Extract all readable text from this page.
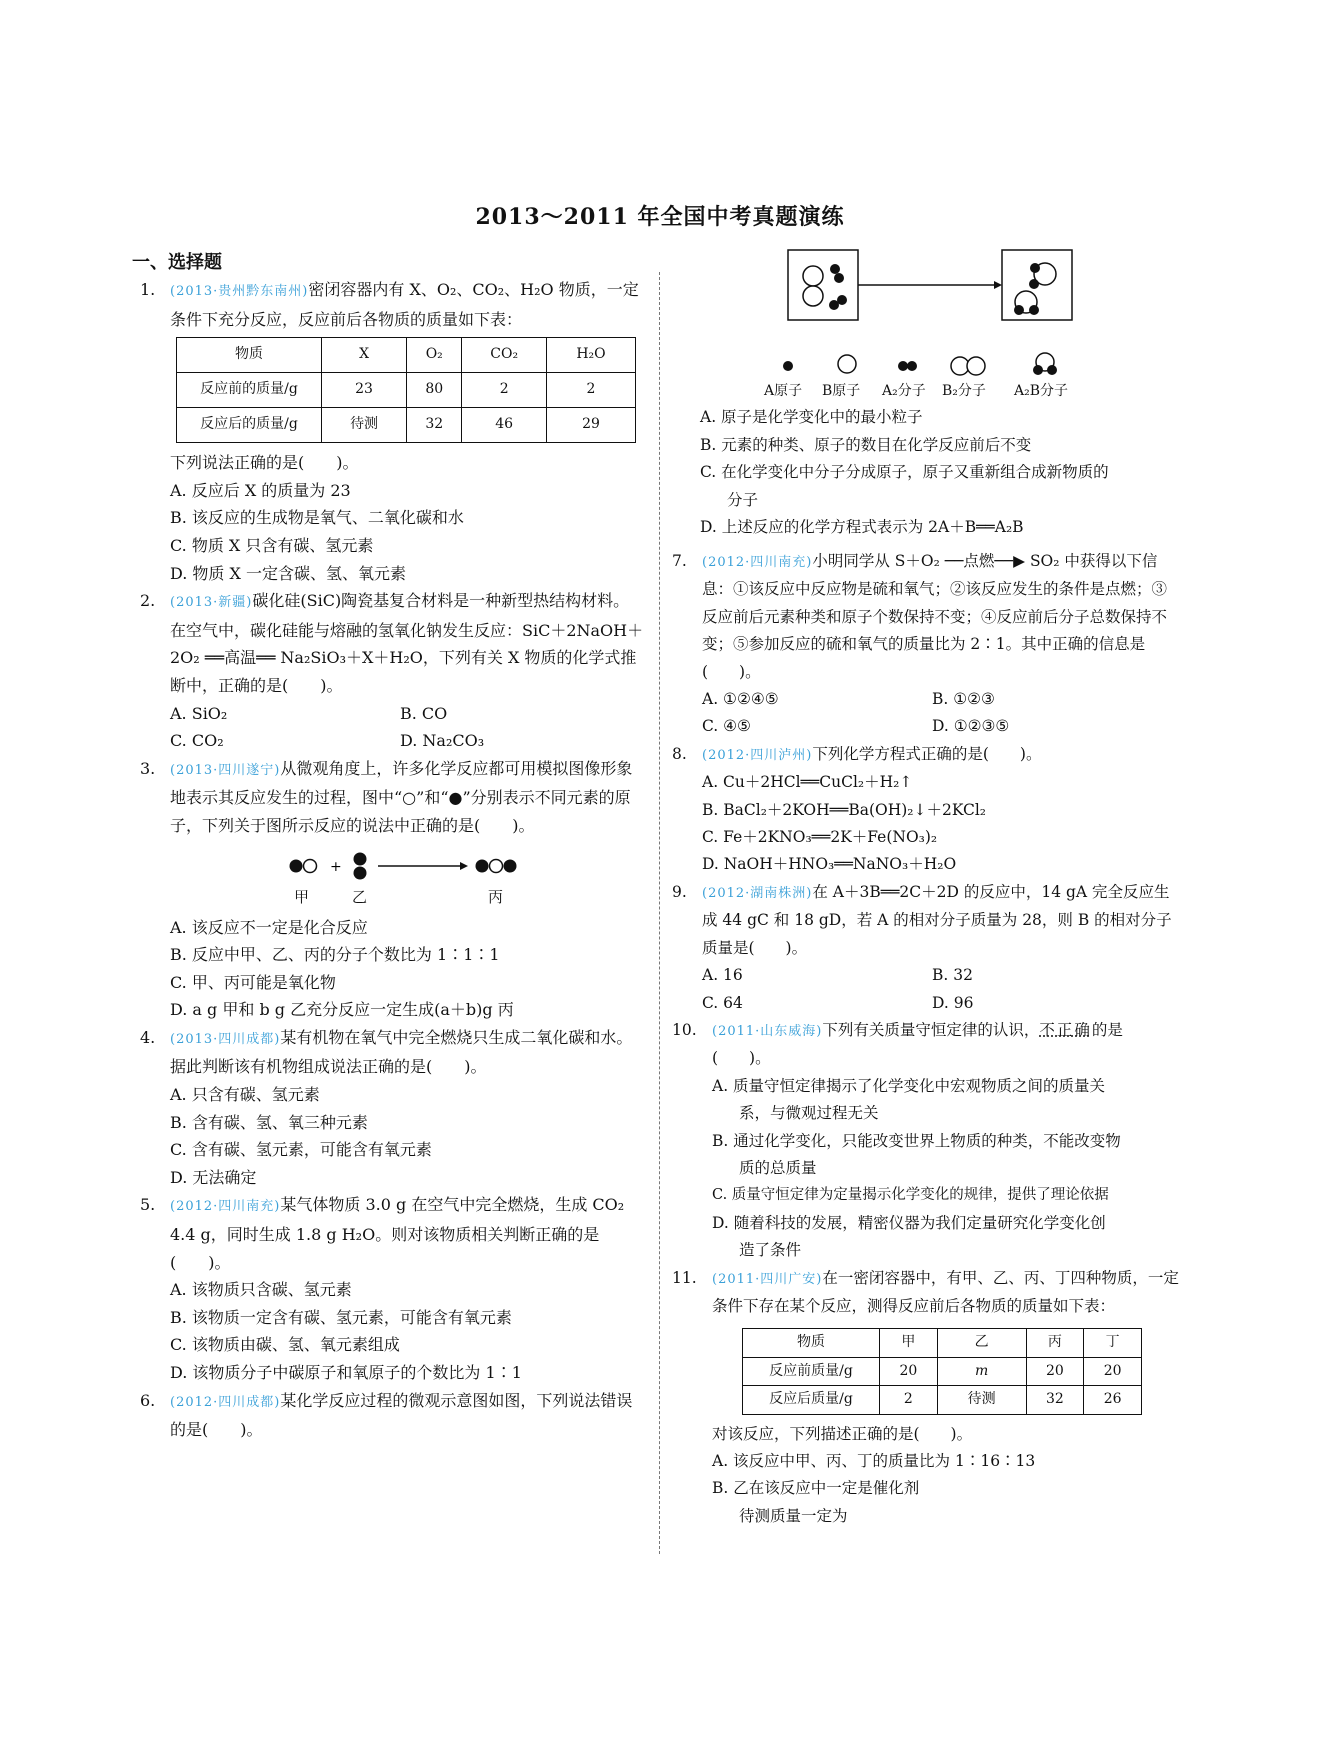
2013～2011 年全国中考真题演练
一、选择题
1. (2013·贵州黔东南州)密闭容器内有 X、O₂、CO₂、H₂O 物质，一定条件下充分反应，反应前后各物质的质量如下表：
物质	X	O₂	CO₂	H₂O
反应前的质量/g	23	80	2	2
反应后的质量/g	待测	32	46	29
下列说法正确的是(　　)。
A. 反应后 X 的质量为 23
B. 该反应的生成物是氧气、二氧化碳和水
C. 物质 X 只含有碳、氢元素
D. 物质 X 一定含碳、氢、氧元素
2. (2013·新疆)碳化硅(SiC)陶瓷基复合材料是一种新型热结构材料。在空气中，碳化硅能与熔融的氢氧化钠发生反应：SiC＋2NaOH＋2O₂ ══高温══ Na₂SiO₃＋X＋H₂O，下列有关 X 物质的化学式推断中，正确的是(　　)。
A. SiO₂	B. CO
C. CO₂	D. Na₂CO₃
3. (2013·四川遂宁)从微观角度上，许多化学反应都可用模拟图像形象地表示其反应发生的过程，图中“○”和“●”分别表示不同元素的原子，下列关于图所示反应的说法中正确的是(　　)。
+
甲	乙	丙
A. 该反应不一定是化合反应
B. 反应中甲、乙、丙的分子个数比为 1∶1∶1
C. 甲、丙可能是氧化物
D. a g 甲和 b g 乙充分反应一定生成(a＋b)g 丙
4. (2013·四川成都)某有机物在氧气中完全燃烧只生成二氧化碳和水。据此判断该有机物组成说法正确的是(　　)。
A. 只含有碳、氢元素
B. 含有碳、氢、氧三种元素
C. 含有碳、氢元素，可能含有氧元素
D. 无法确定
5. (2012·四川南充)某气体物质 3.0 g 在空气中完全燃烧，生成 CO₂ 4.4 g，同时生成 1.8 g H₂O。则对该物质相关判断正确的是(　　)。
A. 该物质只含碳、氢元素
B. 该物质一定含有碳、氢元素，可能含有氧元素
C. 该物质由碳、氢、氧元素组成
D. 该物质分子中碳原子和氧原子的个数比为 1∶1
6. (2012·四川成都)某化学反应过程的微观示意图如图，下列说法错误的是(　　)。
A原子 B原子 A₂分子 B₂分子 A₂B分子
A. 原子是化学变化中的最小粒子
B. 元素的种类、原子的数目在化学反应前后不变
C. 在化学变化中分子分成原子，原子又重新组合成新物质的
分子
D. 上述反应的化学方程式表示为 2A＋B══A₂B
7. (2012·四川南充)小明同学从 S＋O₂ ──点燃──▶ SO₂ 中获得以下信息：①该反应中反应物是硫和氧气；②该反应发生的条件是点燃；③反应前后元素种类和原子个数保持不变；④反应前后分子总数保持不变；⑤参加反应的硫和氧气的质量比为 2∶1。其中正确的信息是(　　)。
A. ①②④⑤	B. ①②③
C. ④⑤	D. ①②③⑤
8. (2012·四川泸州)下列化学方程式正确的是(　　)。
A. Cu＋2HCl══CuCl₂＋H₂↑
B. BaCl₂＋2KOH══Ba(OH)₂↓＋2KCl₂
C. Fe＋2KNO₃══2K＋Fe(NO₃)₂
D. NaOH＋HNO₃══NaNO₃＋H₂O
9. (2012·湖南株洲)在 A＋3B══2C＋2D 的反应中，14 gA 完全反应生成 44 gC 和 18 gD，若 A 的相对分子质量为 28，则 B 的相对分子质量是(　　)。
A. 16	B. 32
C. 64	D. 96
10. (2011·山东威海)下列有关质量守恒定律的认识，不正确的是(　　)。
A. 质量守恒定律揭示了化学变化中宏观物质之间的质量关
系，与微观过程无关
B. 通过化学变化，只能改变世界上物质的种类，不能改变物
质的总质量
C. 质量守恒定律为定量揭示化学变化的规律，提供了理论依据
D. 随着科技的发展，精密仪器为我们定量研究化学变化创
造了条件
11. (2011·四川广安)在一密闭容器中，有甲、乙、丙、丁四种物质，一定条件下存在某个反应，测得反应前后各物质的质量如下表：
物质	甲	乙	丙	丁
反应前质量/g	20	m	20	20
反应后质量/g	2	待测	32	26
对该反应，下列描述正确的是(　　)。
A. 该反应中甲、丙、丁的质量比为 1∶16∶13
B. 乙在该反应中一定是催化剂
待测质量一定为
